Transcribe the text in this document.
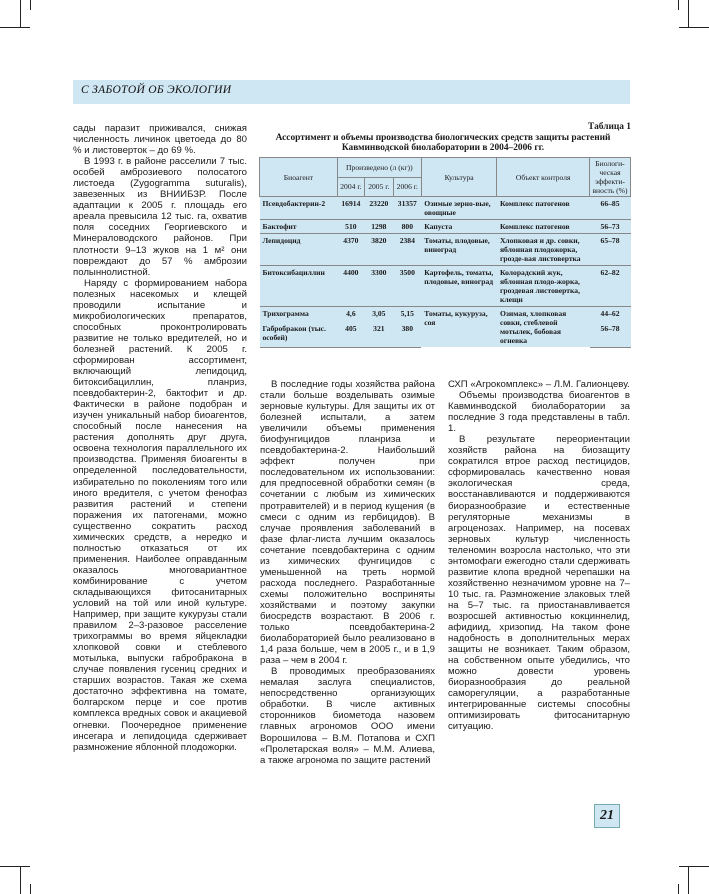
С ЗАБОТОЙ ОБ ЭКОЛОГИИ

сады паразит приживался, снижая численность личинок цветоеда до 80 % и листоверток – до 69 %.

В 1993 г. в районе расселили 7 тыс. особей амброзиевого полосатого листоеда (Zygogramma suturalis), завезенных из ВНИИБЗР. После адаптации к 2005 г. площадь его ареала превысила 12 тыс. га, охватив поля соседних Георгиевского и Минераловодского районов. При плотности 9–13 жуков на 1 м² они повреждают до 57 % амброзии полыннолистной.

Наряду с формированием набора полезных насекомых и клещей проводили испытание и микробиологических препаратов, способных проконтролировать развитие не только вредителей, но и болезней растений. К 2005 г. сформирован ассортимент, включающий лепидоцид, битоксибациллин, планриз, псевдобактерин-2, бактофит и др. Фактически в районе подобран и изучен уникальный набор биоагентов, способный после нанесения на растения дополнять друг друга, освоена технология параллельного их производства. Применяя биоагенты в определенной последовательности, избирательно по поколениям того или иного вредителя, с учетом фенофаз развития растений и степени поражения их патогенами, можно существенно сократить расход химических средств, а нередко и полностью отказаться от их применения. Наиболее оправданным оказалось многовариантное комбинирование с учетом складывающихся фитосанитарных условий на той или иной культуре. Например, при защите кукурузы стали правилом 2–3-разовое расселение трихограммы во время яйцекладки хлопковой совки и стеблевого мотылька, выпуски габробракона в случае появления гусениц средних и старших возрастов. Такая же схема достаточно эффективна на томате, болгарском перце и сое против комплекса вредных совок и акациевой огневки. Поочередное применение инсегара и лепидоцида сдерживает размножение яблонной плодожорки.

Таблица 1
Ассортимент и объемы производства биологических средств защиты растений
Кавминводской биолаборатории в 2004–2006 гг.
Биоагент	Произведено (л (кг))			Культура	Объект контроля	Биологи-ческая эффекти-вность (%)
	2004 г.	2005 г.	2006 г.			
Псевдобактерин-2	16914	23220	31357	Озимые зерно-вые, овощные	Комплекс патогенов	66–85
Бактофит	510	1298	800	Капуста	Комплекс патогенов	56–73
Лепидоцид	4370	3820	2384	Томаты, плодовые, виноград	Хлопковая и др. совки, яблонная плодожорка, грозде-вая листовертка	65–78
Битоксибациллин	4400	3300	3500	Картофель, томаты, плодовые, виноград	Колорадский жук, яблонная плодо-жорка, гроздевая листовертка, клещи	62–82
Трихограмма	4,6	3,05	5,15	Томаты, кукуруза, соя	Озимая, хлопковая совки, стеблевой мотылек, бобовая огневка	44–62
Габробракон (тыс. особей)	405	321	380			56–78

В последние годы хозяйства района стали больше возделывать озимые зерновые культуры. Для защиты их от болезней испытали, а затем увеличили объемы применения биофунгицидов планриза и псевдобактерина-2. Наибольший эффект получен при последовательном их использовании: для предпосевной обработки семян (в сочетании с любым из химических протравителей) и в период кущения (в смеси с одним из гербицидов). В случае проявления заболеваний в фазе флаг-листа лучшим оказалось сочетание псевдобактерина с одним из химических фунгицидов с уменьшенной на треть нормой расхода последнего. Разработанные схемы положительно восприняты хозяйствами и поэтому закупки биосредств возрастают. В 2006 г. только псевдобактерина-2 биолабораторией было реализовано в 1,4 раза больше, чем в 2005 г., и в 1,9 раза – чем в 2004 г.

В проводимых преобразованиях немалая заслуга специалистов, непосредственно организующих обработки. В числе активных сторонников биометода назовем главных агрономов ООО имени Ворошилова – В.М. Потапова и СХП «Пролетарская воля» – М.М. Алиева, а также агронома по защите растений

СХП «Агрокомплекс» – Л.М. Галионцеву.

Объемы производства биоагентов в Кавминводской биолаборатории за последние 3 года представлены в табл. 1.

В результате переориентации хозяйств района на биозащиту сократился втрое расход пестицидов, сформировалась качественно новая экологическая среда, восстанавливаются и поддерживаются биоразнообразие и естественные регуляторные механизмы в агроценозах. Например, на посевах зерновых культур численность теленомин возросла настолько, что эти энтомофаги ежегодно стали сдерживать развитие клопа вредной черепашки на хозяйственно незначимом уровне на 7–10 тыс. га. Размножение злаковых тлей на 5–7 тыс. га приостанавливается возросшей активностью кокциннелид, афидиид, хризопид. На таком фоне надобность в дополнительных мерах защиты не возникает. Таким образом, на собственном опыте убедились, что можно довести уровень биоразнообразия до реальной саморегуляции, а разработанные интегрированные системы способны оптимизировать фитосанитарную ситуацию.

21
